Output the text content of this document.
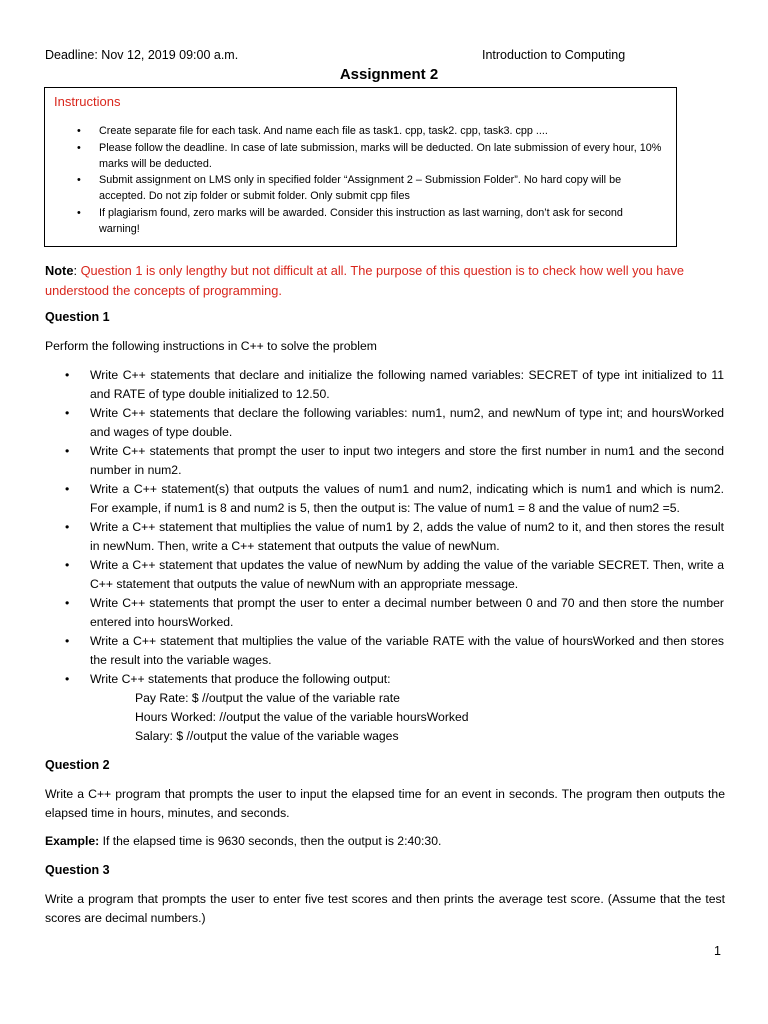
Deadline: Nov 12, 2019 09:00 a.m.	Introduction to Computing
Assignment 2
Instructions
• Create separate file for each task. And name each file as task1. cpp, task2. cpp, task3. cpp ....
• Please follow the deadline. In case of late submission, marks will be deducted. On late submission of every hour, 10% marks will be deducted.
• Submit assignment on LMS only in specified folder “Assignment 2 – Submission Folder”. No hard copy will be accepted. Do not zip folder or submit folder. Only submit cpp files
• If plagiarism found, zero marks will be awarded. Consider this instruction as last warning, don’t ask for second warning!
Note: Question 1 is only lengthy but not difficult at all. The purpose of this question is to check how well you have understood the concepts of programming.
Question 1
Perform the following instructions in C++ to solve the problem
• Write C++ statements that declare and initialize the following named variables: SECRET of type int initialized to 11 and RATE of type double initialized to 12.50.
• Write C++ statements that declare the following variables: num1, num2, and newNum of type int; and hoursWorked and wages of type double.
• Write C++ statements that prompt the user to input two integers and store the first number in num1 and the second number in num2.
• Write a C++ statement(s) that outputs the values of num1 and num2, indicating which is num1 and which is num2. For example, if num1 is 8 and num2 is 5, then the output is: The value of num1 = 8 and the value of num2 =5.
• Write a C++ statement that multiplies the value of num1 by 2, adds the value of num2 to it, and then stores the result in newNum. Then, write a C++ statement that outputs the value of newNum.
• Write a C++ statement that updates the value of newNum by adding the value of the variable SECRET. Then, write a C++ statement that outputs the value of newNum with an appropriate message.
• Write C++ statements that prompt the user to enter a decimal number between 0 and 70 and then store the number entered into hoursWorked.
• Write a C++ statement that multiplies the value of the variable RATE with the value of hoursWorked and then stores the result into the variable wages.
• Write C++ statements that produce the following output:
Pay Rate: $ //output the value of the variable rate
Hours Worked: //output the value of the variable hoursWorked
Salary: $ //output the value of the variable wages
Question 2
Write a C++ program that prompts the user to input the elapsed time for an event in seconds. The program then outputs the elapsed time in hours, minutes, and seconds.
Example: If the elapsed time is 9630 seconds, then the output is 2:40:30.
Question 3
Write a program that prompts the user to enter five test scores and then prints the average test score. (Assume that the test scores are decimal numbers.)
1
